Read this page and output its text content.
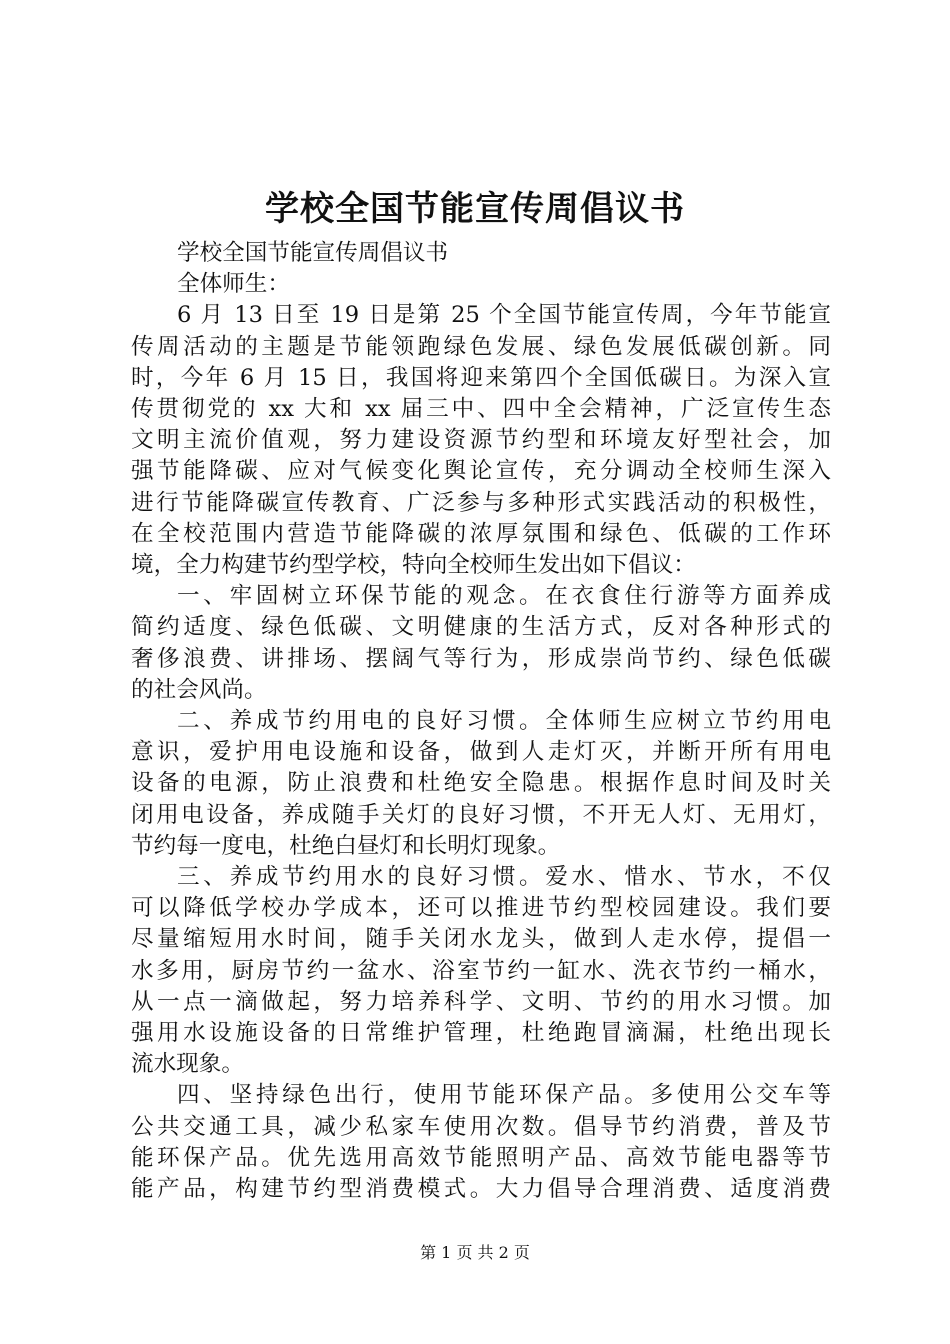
学校全国节能宣传周倡议书
学校全国节能宣传周倡议书
全体师生：
6 月 13 日至 19 日是第 25 个全国节能宣传周，今年节能宣
传周活动的主题是节能领跑绿色发展、绿色发展低碳创新。同
时，今年 6 月 15 日，我国将迎来第四个全国低碳日。为深入宣
传贯彻党的 xx 大和 xx 届三中、四中全会精神，广泛宣传生态
文明主流价值观，努力建设资源节约型和环境友好型社会，加
强节能降碳、应对气候变化舆论宣传，充分调动全校师生深入
进行节能降碳宣传教育、广泛参与多种形式实践活动的积极性，
在全校范围内营造节能降碳的浓厚氛围和绿色、低碳的工作环
境，全力构建节约型学校，特向全校师生发出如下倡议：
一、牢固树立环保节能的观念。在衣食住行游等方面养成
简约适度、绿色低碳、文明健康的生活方式，反对各种形式的
奢侈浪费、讲排场、摆阔气等行为，形成崇尚节约、绿色低碳
的社会风尚。
二、养成节约用电的良好习惯。全体师生应树立节约用电
意识，爱护用电设施和设备，做到人走灯灭，并断开所有用电
设备的电源，防止浪费和杜绝安全隐患。根据作息时间及时关
闭用电设备，养成随手关灯的良好习惯，不开无人灯、无用灯，
节约每一度电，杜绝白昼灯和长明灯现象。
三、养成节约用水的良好习惯。爱水、惜水、节水，不仅
可以降低学校办学成本，还可以推进节约型校园建设。我们要
尽量缩短用水时间，随手关闭水龙头，做到人走水停，提倡一
水多用，厨房节约一盆水、浴室节约一缸水、洗衣节约一桶水，
从一点一滴做起，努力培养科学、文明、节约的用水习惯。加
强用水设施设备的日常维护管理，杜绝跑冒滴漏，杜绝出现长
流水现象。
四、坚持绿色出行，使用节能环保产品。多使用公交车等
公共交通工具，减少私家车使用次数。倡导节约消费，普及节
能环保产品。优先选用高效节能照明产品、高效节能电器等节
能产品，构建节约型消费模式。大力倡导合理消费、适度消费
第 1 页 共 2 页
